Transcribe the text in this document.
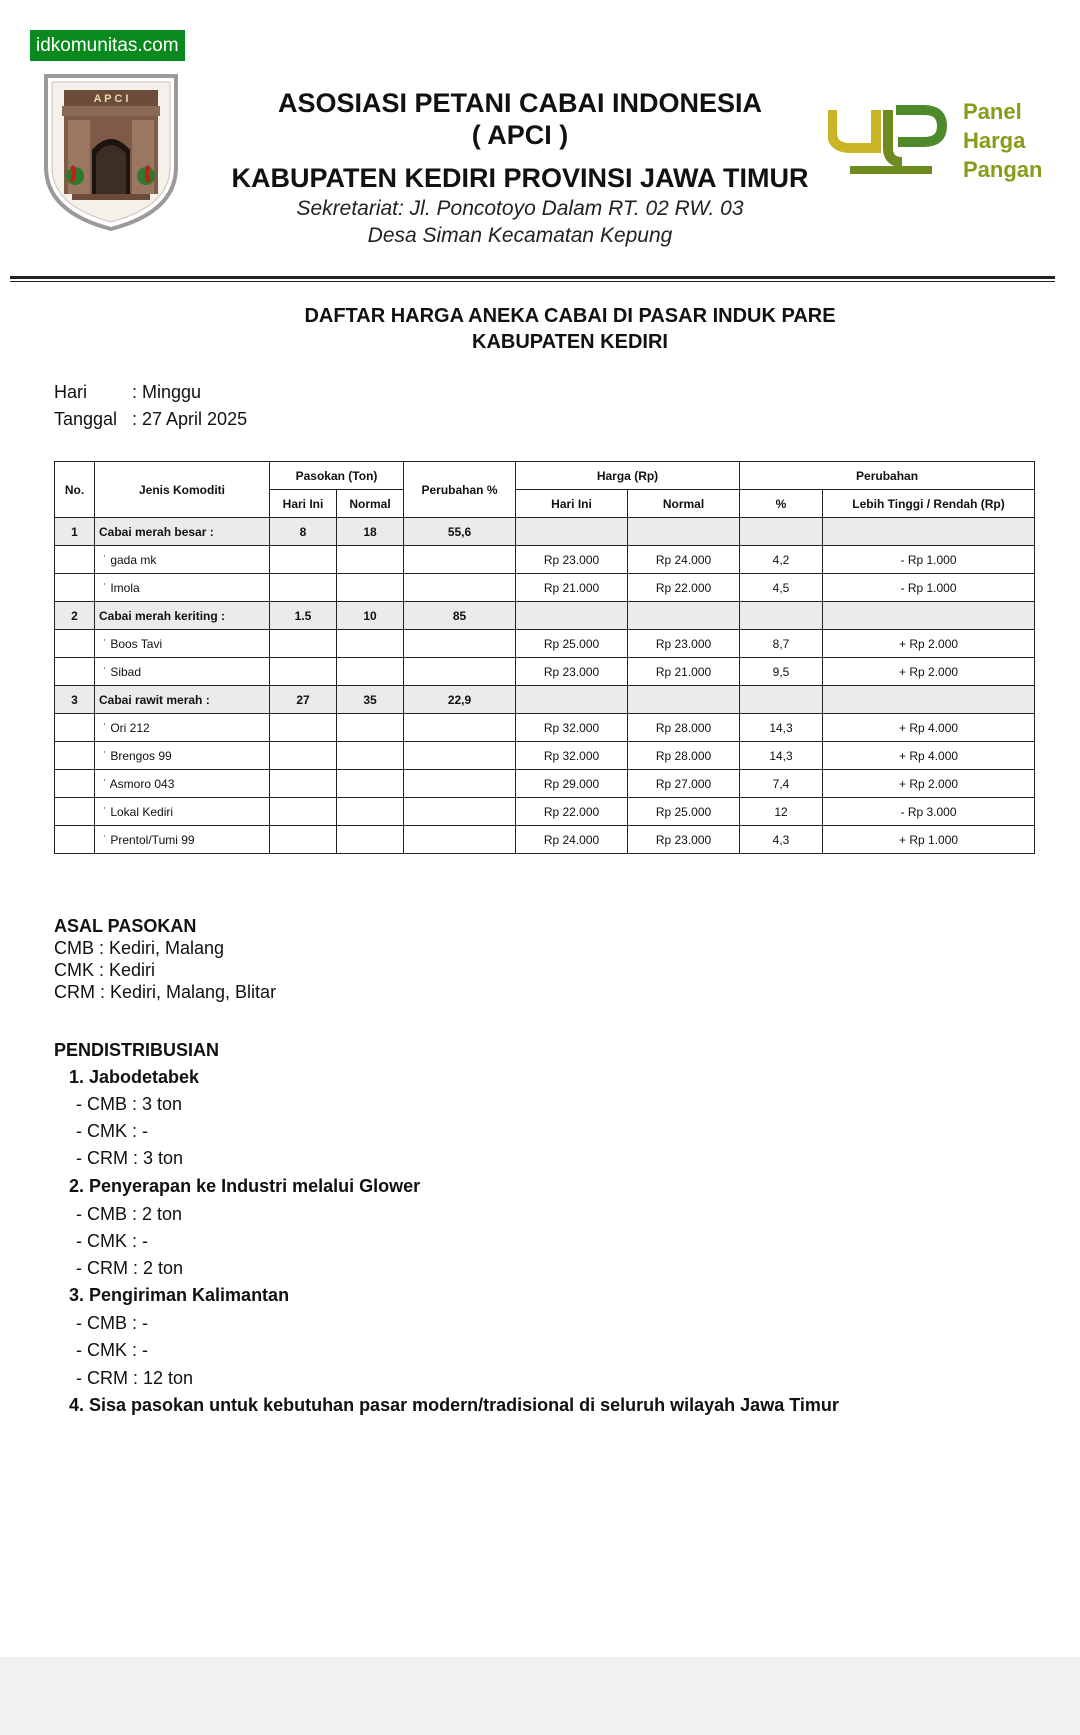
idkomunitas.com
A P C I	Panel
Harga
Pangan
ASOSIASI PETANI CABAI INDONESIA
( APCI )
KABUPATEN KEDIRI PROVINSI JAWA TIMUR
Sekretariat: Jl. Poncotoyo Dalam RT. 02 RW. 03
Desa Siman Kecamatan Kepung
DAFTAR HARGA ANEKA CABAI DI PASAR INDUK PARE
KABUPATEN KEDIRI
Hari : Minggu
Tanggal : 27 April 2025
No.	Jenis Komoditi	Pasokan (Ton)		Perubahan %	Harga (Rp)		Perubahan	
		Hari Ini	Normal		Hari Ini	Normal	%	Lebih Tinggi / Rendah (Rp)
1	Cabai merah besar :	8	18	55,6				
	˙ gada mk				Rp 23.000	Rp 24.000	4,2	- Rp 1.000
	˙ Imola				Rp 21.000	Rp 22.000	4,5	- Rp 1.000
2	Cabai merah keriting :	1.5	10	85				
	˙ Boos Tavi				Rp 25.000	Rp 23.000	8,7	+ Rp 2.000
	˙ Sibad				Rp 23.000	Rp 21.000	9,5	+ Rp 2.000
3	Cabai rawit merah :	27	35	22,9				
	˙ Ori 212				Rp 32.000	Rp 28.000	14,3	+ Rp 4.000
	˙ Brengos 99				Rp 32.000	Rp 28.000	14,3	+ Rp 4.000
	˙ Asmoro 043				Rp 29.000	Rp 27.000	7,4	+ Rp 2.000
	˙ Lokal Kediri				Rp 22.000	Rp 25.000	12	- Rp 3.000
	˙ Prentol/Tumi 99				Rp 24.000	Rp 23.000	4,3	+ Rp 1.000
ASAL PASOKAN
CMB : Kediri, Malang
CMK : Kediri
CRM : Kediri, Malang, Blitar
PENDISTRIBUSIAN
1. Jabodetabek
- CMB : 3 ton
- CMK : -
- CRM : 3 ton
2. Penyerapan ke Industri melalui Glower
- CMB : 2 ton
- CMK : -
- CRM : 2 ton
3. Pengiriman Kalimantan
- CMB : -
- CMK : -
- CRM : 12 ton
4. Sisa pasokan untuk kebutuhan pasar modern/tradisional di seluruh wilayah Jawa Timur
